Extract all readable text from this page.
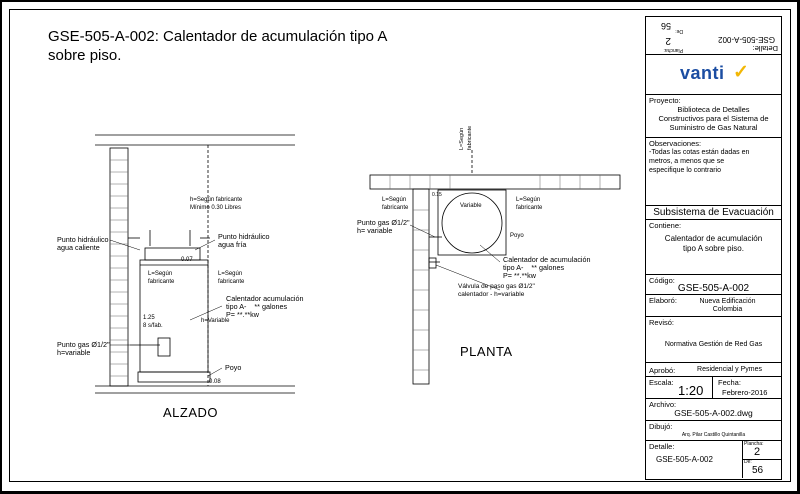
GSE-505-A-002: Calentador de acumulación tipo A sobre piso.
Punto hidráulico
agua caliente
Punto hidráulico
agua fría
h=Según fabricante
Mínimo 0.30 Libres
L=Según
fabricante
L=Según
fabricante
0.07
Calentador acumulación
tipo A-    ** galones
P= **.**kw
h=Variable
1.25
8 s/fab.
Punto gas Ø1/2"
h=variable
Poyo
0.08
ALZADO
L=Según
fabricante
L=Según
fabricante
L=Según
fabricante
Variable
Punto gas Ø1/2"
h= variable
Poyo
Calentador de acumulación
tipo A-    ** galones
P= **.**kw
Válvula de paso gas Ø1/2"
calentador - h=variable
0.15
PLANTA
Detalle:
GSE-505-A-002
Plancha:
2
De:
56
Proyecto:
Biblioteca de Detalles
Constructivos para el Sistema de
Suministro de Gas Natural
Observaciones:
-Todas las cotas están dadas en
metros, a menos que se
especifique lo contrario
Subsistema de Evacuación
Contiene:
Calentador de acumulación
tipo A sobre piso.
Código:
GSE-505-A-002
Elaboró:	Nueva Edificación
Colombia
Revisó:
Normativa Gestión de Red Gas
Aprobó:	Residencial y Pymes
Escala:
1:20
Fecha:
Febrero-2016
Archivo:
GSE-505-A-002.dwg
Dibujó:
Arq. Pilar Castillo Quintanilla
Detalle:
GSE-505-A-002
Plancha:
2
De:
56
vanti ✓
